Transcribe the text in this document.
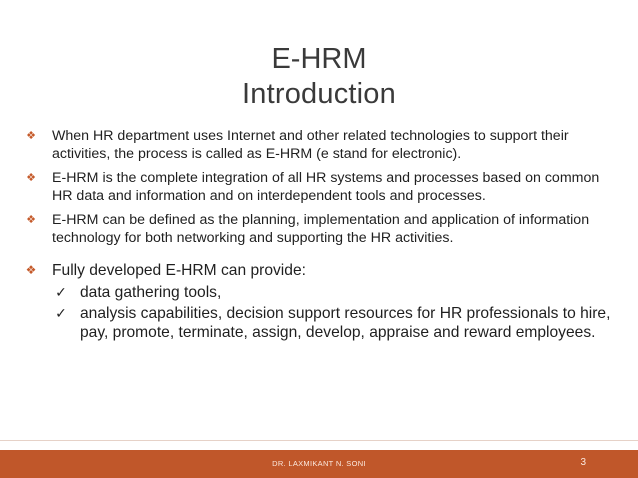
E-HRM
Introduction
❖ When HR department uses Internet and other related technologies to support their activities, the process is called as E-HRM (e stand for electronic).
❖ E-HRM is the complete integration of all HR systems and processes based on common HR data and information and on interdependent tools and processes.
❖ E-HRM can be defined as the planning, implementation and application of information technology for both networking and supporting the HR activities.
❖ Fully developed E-HRM can provide:
✓ data gathering tools,
✓ analysis capabilities, decision support resources for HR professionals to hire, pay, promote, terminate, assign, develop, appraise and reward employees.
DR. LAXMIKANT N. SONI	3
